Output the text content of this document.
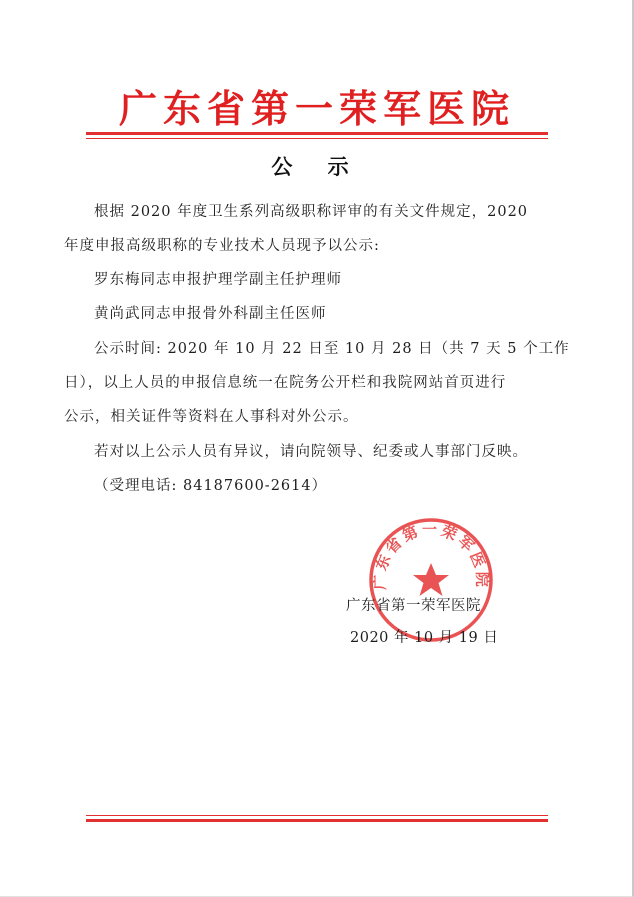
广东省第一荣军医院
公 示
根据 2020 年度卫生系列高级职称评审的有关文件规定，2020
年度申报高级职称的专业技术人员现予以公示:
罗东梅同志申报护理学副主任护理师
黄尚武同志申报骨外科副主任医师
公示时间: 2020 年 10 月 22 日至 10 月 28 日（共 7 天 5 个工作
日），以上人员的申报信息统一在院务公开栏和我院网站首页进行
公示，相关证件等资料在人事科对外公示。
若对以上公示人员有异议，请向院领导、纪委或人事部门反映。
（受理电话: 84187600-2614）
广东省第一荣军医院
广东省第一荣军医院
2020 年 10 月 19 日
